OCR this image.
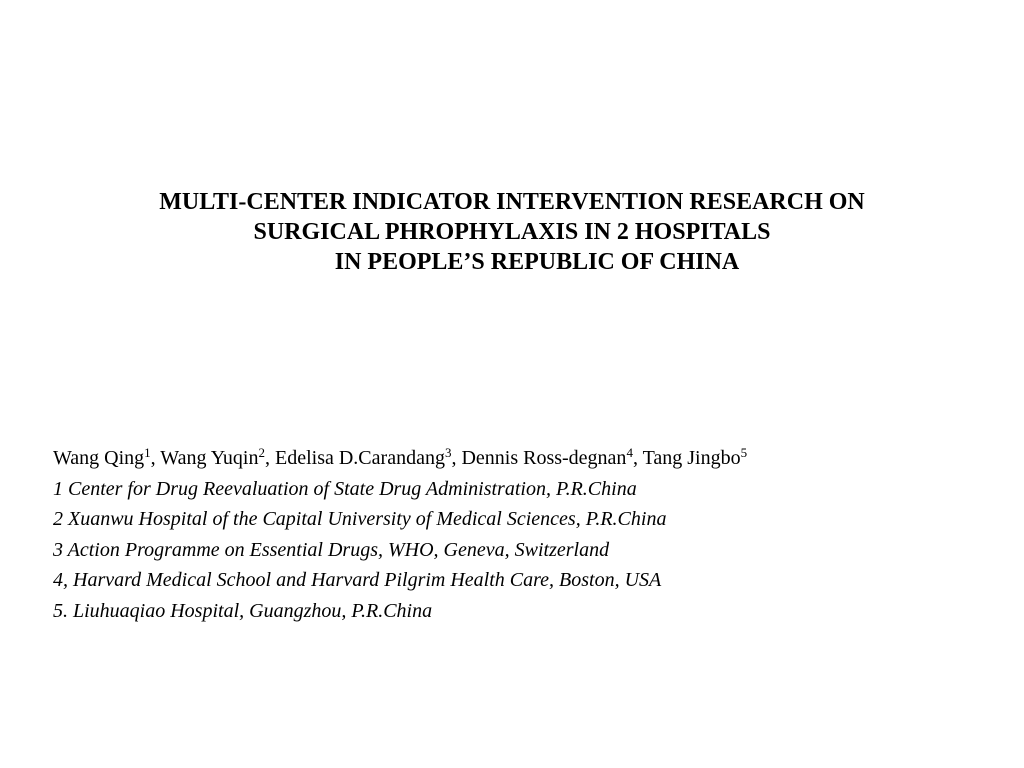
MULTI-CENTER INDICATOR INTERVENTION RESEARCH ON
SURGICAL PHROPHYLAXIS IN 2 HOSPITALS
IN PEOPLE’S REPUBLIC OF CHINA
Wang Qing$^1$, Wang Yuqin$^2$, Edelisa D.Carandang$^3$, Dennis Ross-degnan$^4$, Tang Jingbo$^5$
1 Center for Drug Reevaluation of State Drug Administration, P.R.China
2 Xuanwu Hospital of the Capital University of Medical Sciences, P.R.China
3 Action Programme on Essential Drugs, WHO, Geneva, Switzerland
4, Harvard Medical School and Harvard Pilgrim Health Care, Boston, USA
5. Liuhuaqiao Hospital, Guangzhou, P.R.China
